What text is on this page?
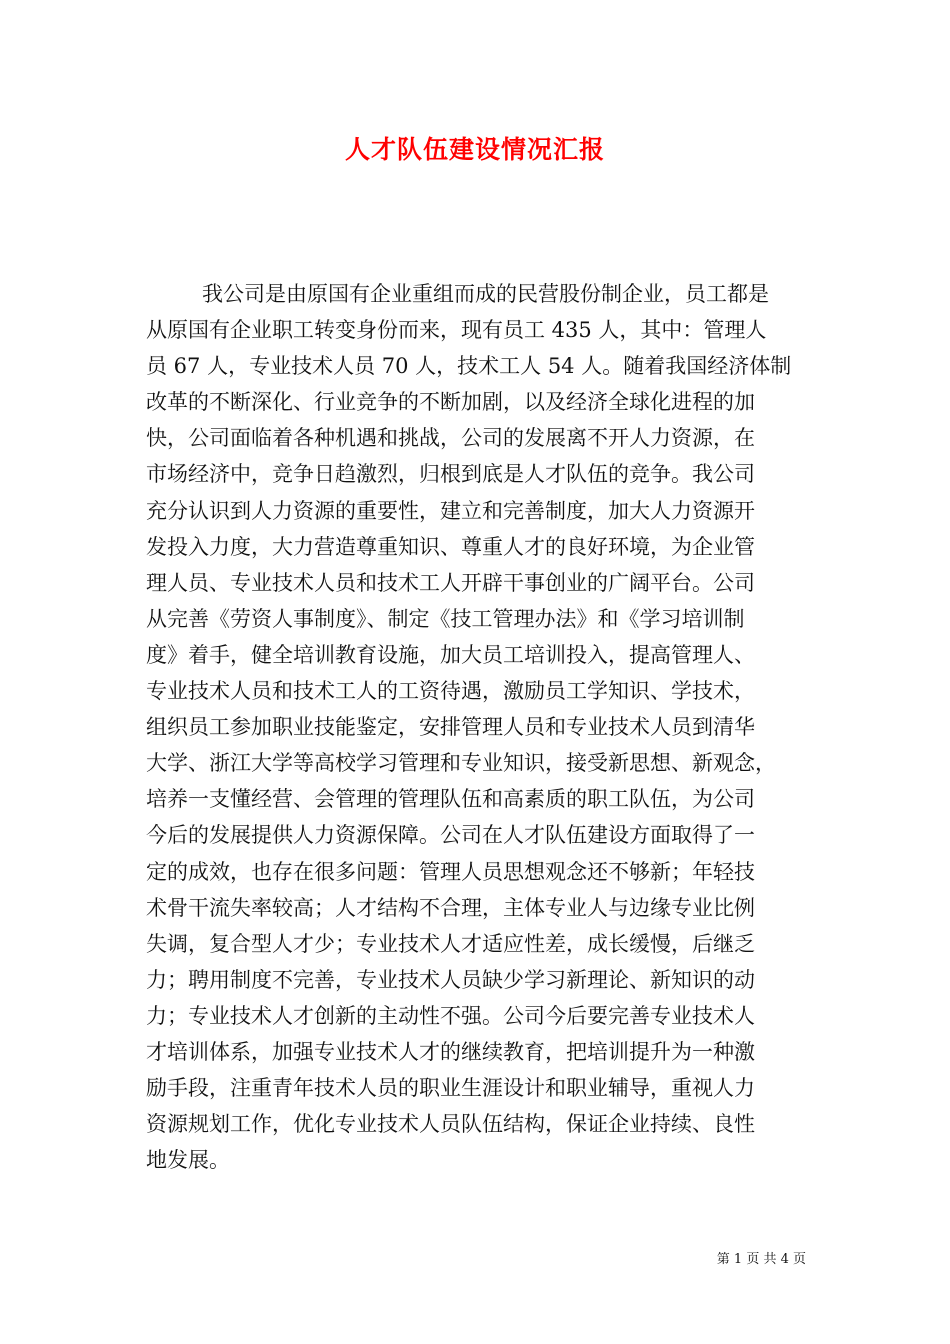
人才队伍建设情况汇报
我公司是由原国有企业重组而成的民营股份制企业，员工都是
从原国有企业职工转变身份而来，现有员工 435 人，其中：管理人
员 67 人，专业技术人员 70 人，技术工人 54 人。随着我国经济体制
改革的不断深化、行业竞争的不断加剧，以及经济全球化进程的加
快，公司面临着各种机遇和挑战，公司的发展离不开人力资源，在
市场经济中，竞争日趋激烈，归根到底是人才队伍的竞争。我公司
充分认识到人力资源的重要性，建立和完善制度，加大人力资源开
发投入力度，大力营造尊重知识、尊重人才的良好环境，为企业管
理人员、专业技术人员和技术工人开辟干事创业的广阔平台。公司
从完善《劳资人事制度》、制定《技工管理办法》和《学习培训制
度》着手，健全培训教育设施，加大员工培训投入，提高管理人、
专业技术人员和技术工人的工资待遇，激励员工学知识、学技术，
组织员工参加职业技能鉴定，安排管理人员和专业技术人员到清华
大学、浙江大学等高校学习管理和专业知识，接受新思想、新观念，
培养一支懂经营、会管理的管理队伍和高素质的职工队伍，为公司
今后的发展提供人力资源保障。公司在人才队伍建设方面取得了一
定的成效，也存在很多问题：管理人员思想观念还不够新；年轻技
术骨干流失率较高；人才结构不合理，主体专业人与边缘专业比例
失调，复合型人才少；专业技术人才适应性差，成长缓慢，后继乏
力；聘用制度不完善，专业技术人员缺少学习新理论、新知识的动
力；专业技术人才创新的主动性不强。公司今后要完善专业技术人
才培训体系，加强专业技术人才的继续教育，把培训提升为一种激
励手段，注重青年技术人员的职业生涯设计和职业辅导，重视人力
资源规划工作，优化专业技术人员队伍结构，保证企业持续、良性
地发展。
第 1 页 共 4 页
